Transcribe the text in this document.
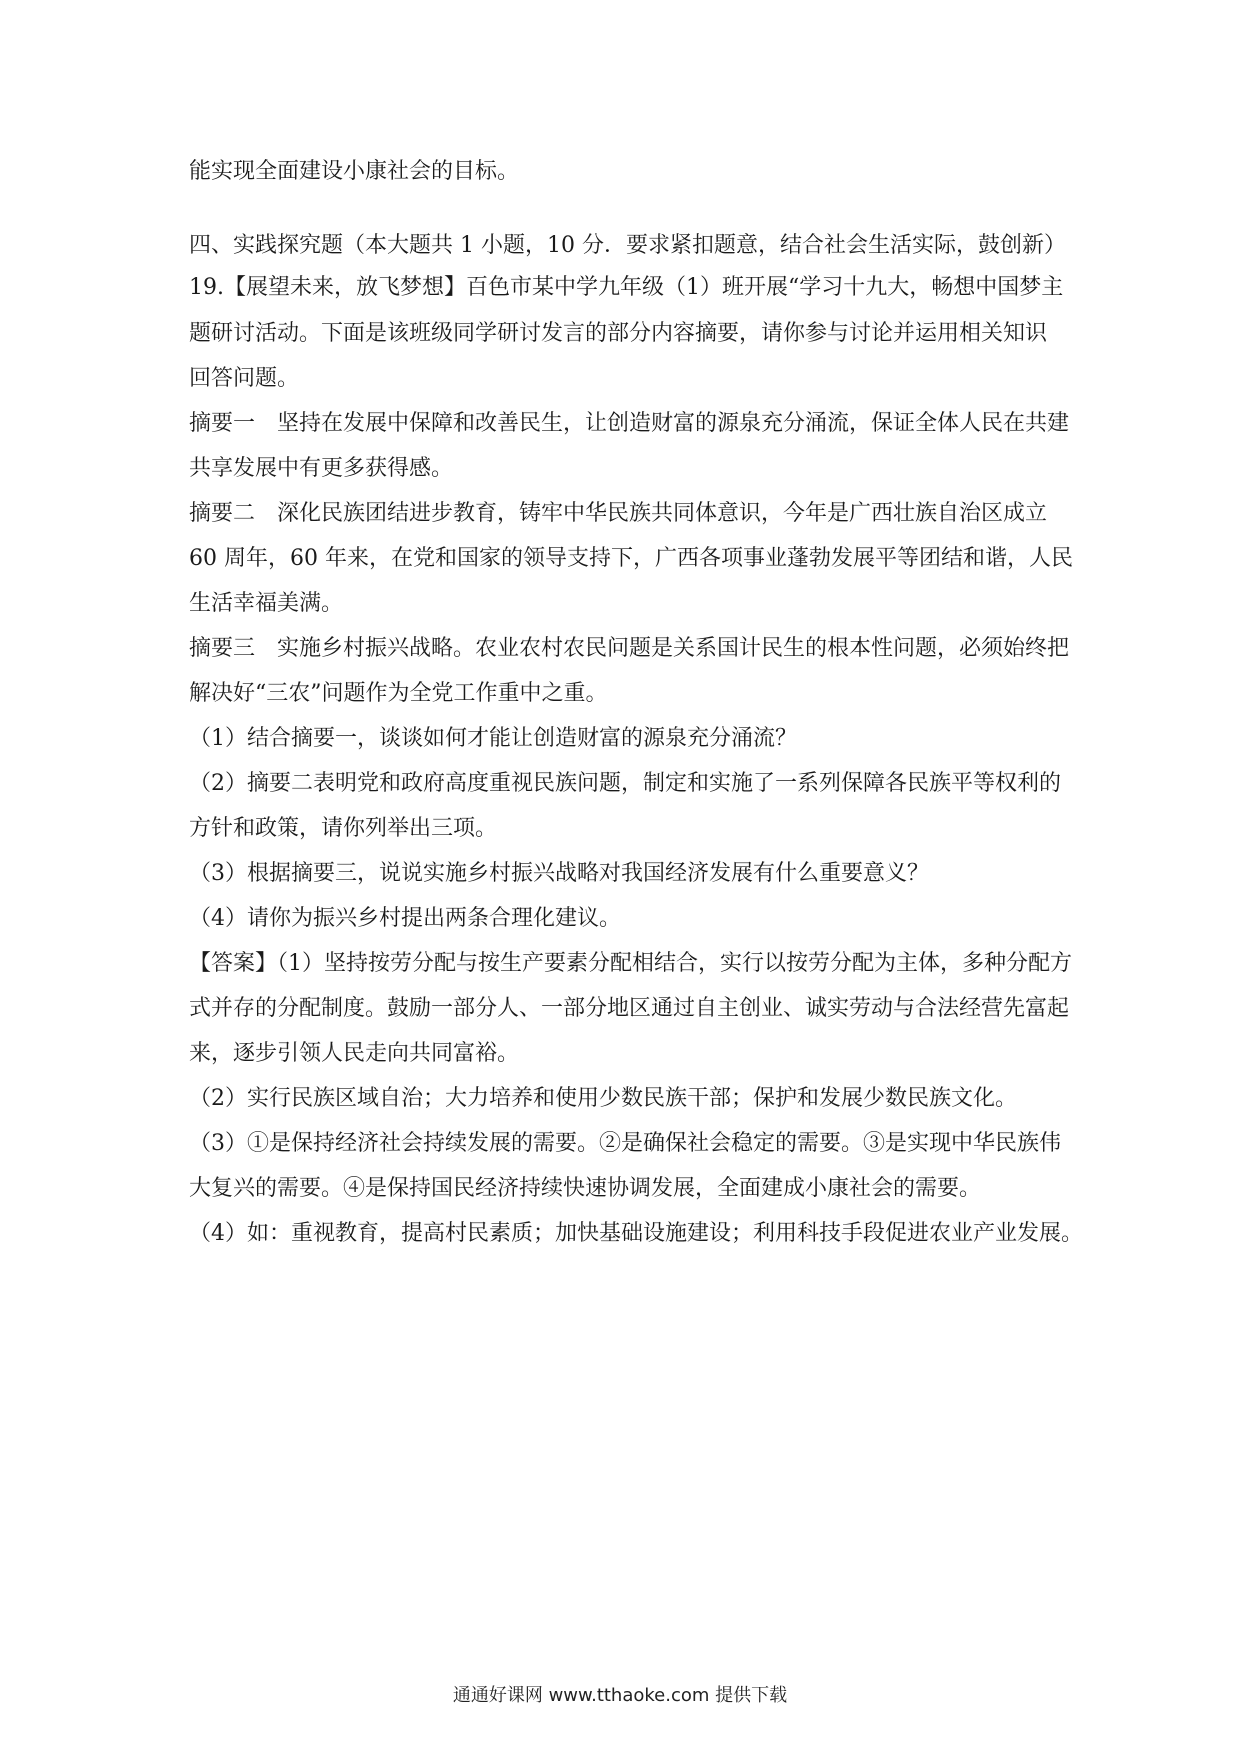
能实现全面建设小康社会的目标。
四、实践探究题（本大题共 1 小题，10 分．要求紧扣题意，结合社会生活实际，鼓创新）
19.【展望未来，放飞梦想】百色市某中学九年级（1）班开展“学习十九大，畅想中国梦主
题研讨活动。下面是该班级同学研讨发言的部分内容摘要，请你参与讨论并运用相关知识
回答问题。
摘要一　坚持在发展中保障和改善民生，让创造财富的源泉充分涌流，保证全体人民在共建
共享发展中有更多获得感。
摘要二　深化民族团结进步教育，铸牢中华民族共同体意识，今年是广西壮族自治区成立
60 周年，60 年来，在党和国家的领导支持下，广西各项事业蓬勃发展平等团结和谐，人民
生活幸福美满。
摘要三　实施乡村振兴战略。农业农村农民问题是关系国计民生的根本性问题，必须始终把
解决好“三农”问题作为全党工作重中之重。
（1）结合摘要一，谈谈如何才能让创造财富的源泉充分涌流？
（2）摘要二表明党和政府高度重视民族问题，制定和实施了一系列保障各民族平等权利的
方针和政策，请你列举出三项。
（3）根据摘要三，说说实施乡村振兴战略对我国经济发展有什么重要意义？
（4）请你为振兴乡村提出两条合理化建议。
【答案】（1）坚持按劳分配与按生产要素分配相结合，实行以按劳分配为主体，多种分配方
式并存的分配制度。鼓励一部分人、一部分地区通过自主创业、诚实劳动与合法经营先富起
来，逐步引领人民走向共同富裕。
（2）实行民族区域自治；大力培养和使用少数民族干部；保护和发展少数民族文化。
（3）①是保持经济社会持续发展的需要。②是确保社会稳定的需要。③是实现中华民族伟
大复兴的需要。④是保持国民经济持续快速协调发展，全面建成小康社会的需要。
（4）如：重视教育，提高村民素质；加快基础设施建设；利用科技手段促进农业产业发展。
通通好课网 www.tthaoke.com 提供下载
